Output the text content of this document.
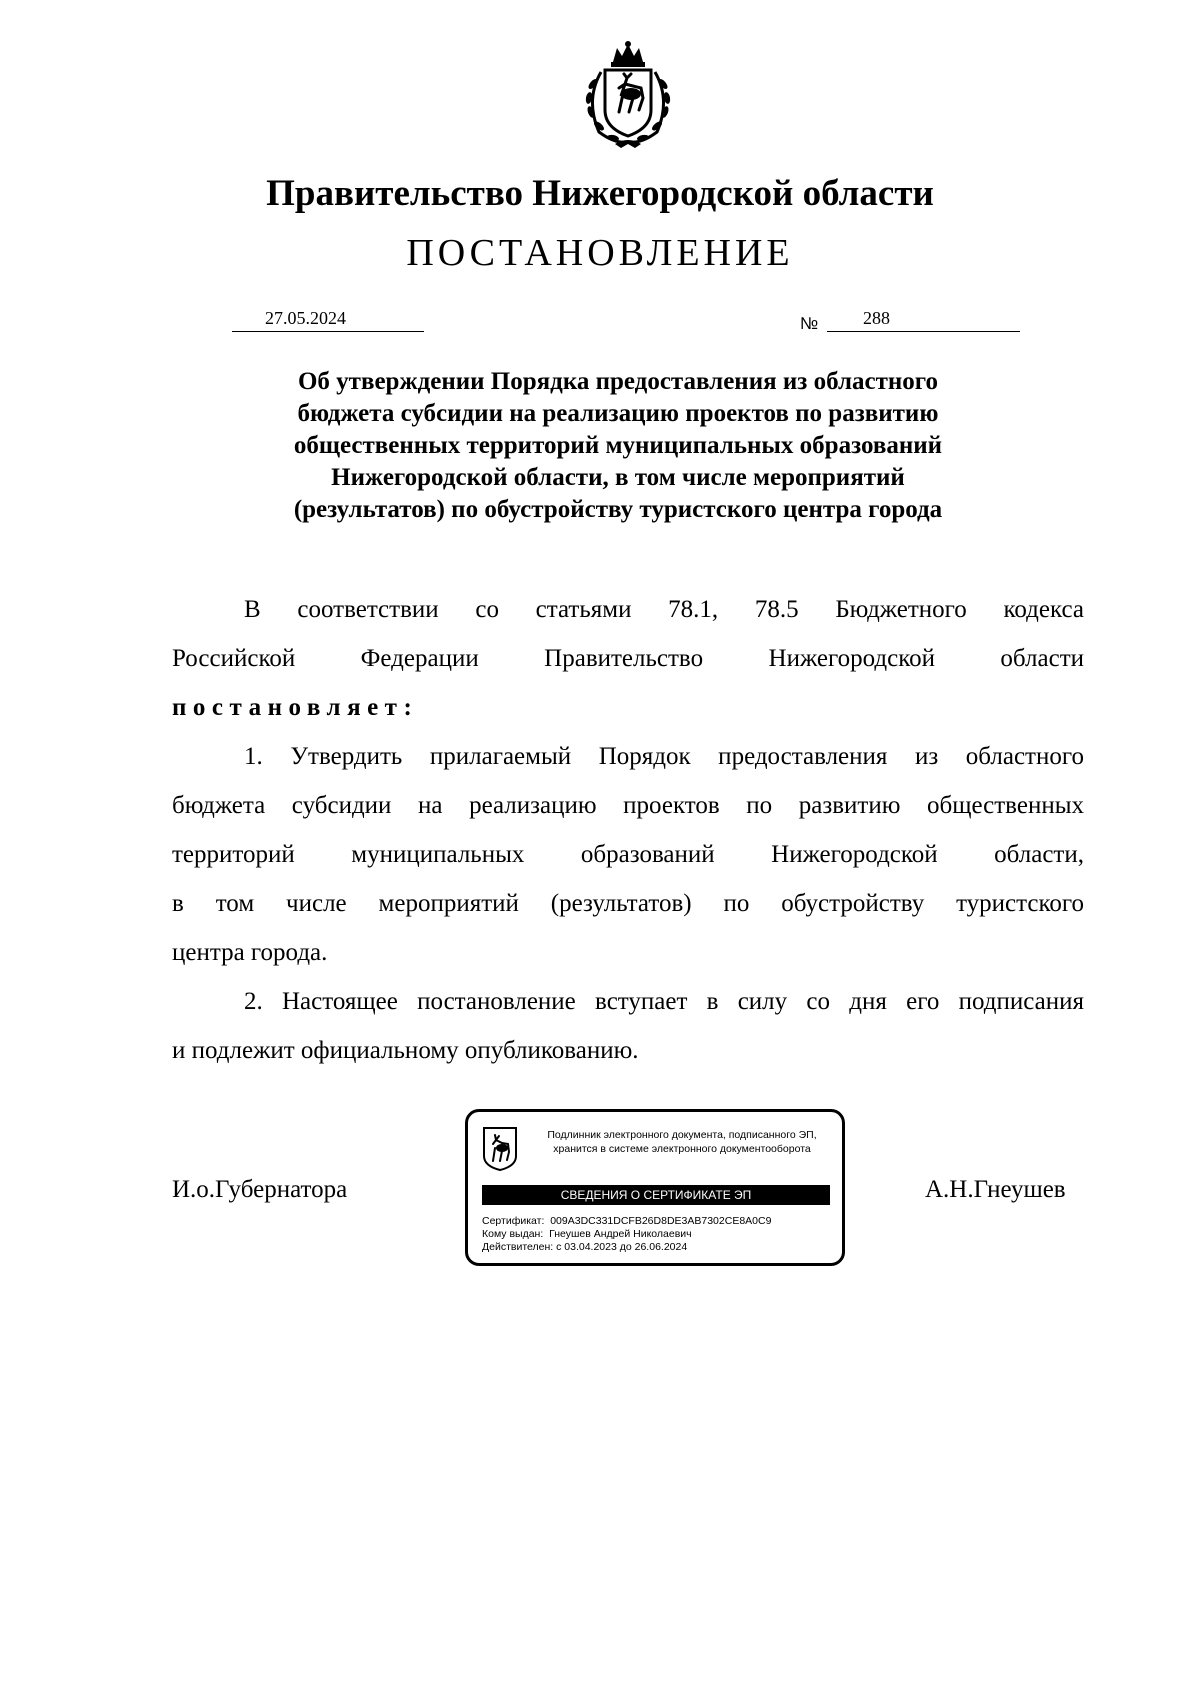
Правительство Нижегородской области
ПОСТАНОВЛЕНИЕ
27.05.2024	№ 288
Об утверждении Порядка предоставления из областного
бюджета субсидии на реализацию проектов по развитию
общественных территорий муниципальных образований
Нижегородской области, в том числе мероприятий
(результатов) по обустройству туристского центра города
В соответствии со статьями 78.1, 78.5 Бюджетного кодекса
Российской Федерации Правительство Нижегородской области
постановляет:
1. Утвердить прилагаемый Порядок предоставления из областного
бюджета субсидии на реализацию проектов по развитию общественных
территорий муниципальных образований Нижегородской области,
в том числе мероприятий (результатов) по обустройству туристского
центра города.
2. Настоящее постановление вступает в силу со дня его подписания
и подлежит официальному опубликованию.
И.о.Губернатора	А.Н.Гнеушев
Подлинник электронного документа, подписанного ЭП,
хранится в системе электронного документооборота
СВЕДЕНИЯ О СЕРТИФИКАТЕ ЭП
Сертификат: 009A3DC331DCFB26D8DE3AB7302CE8A0C9
Кому выдан: Гнеушев Андрей Николаевич
Действителен: с 03.04.2023 до 26.06.2024
